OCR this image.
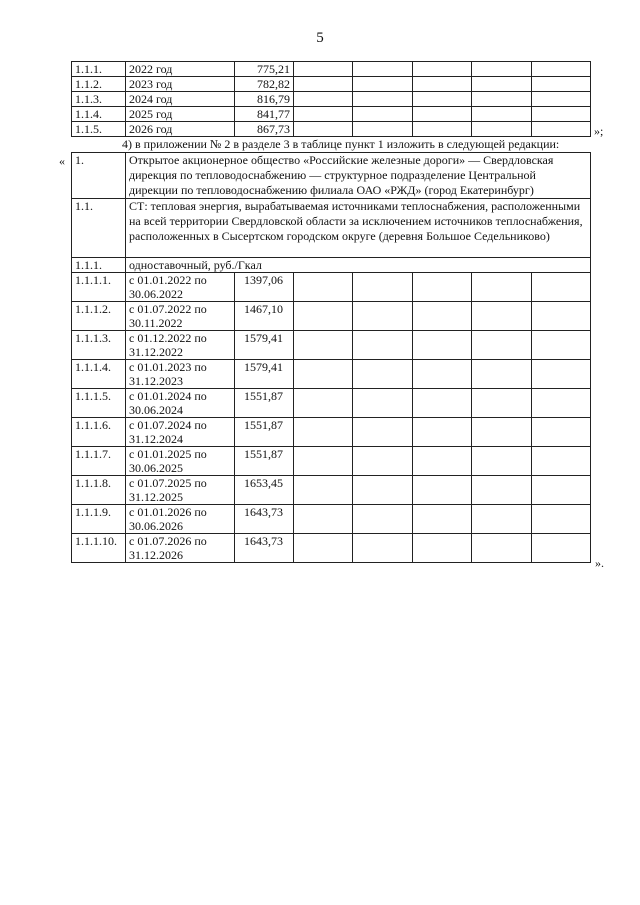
5
1.1.1.	2022 год	775,21					
1.1.2.	2023 год	782,82					
1.1.3.	2024 год	816,79					
1.1.4.	2025 год	841,77					
1.1.5.	2026 год	867,73						»;
4) в приложении № 2 в разделе 3 в таблице пункт 1 изложить в следующей редакции:
« 1.	Открытое акционерное общество «Российские железные дороги» — Свердловская дирекция по тепловодоснабжению — структурное подразделение Центральной дирекции по тепловодоснабжению филиала ОАО «РЖД» (город Екатеринбург)						
1.1.	СТ: тепловая энергия, вырабатываемая источниками теплоснабжения, расположенными на всей территории Свердловской области за исключением источников теплоснабжения, расположенных в Сысертском городском округе (деревня Большое Седельниково)						
1.1.1.	одноставочный, руб./Гкал						
1.1.1.1.	с 01.01.2022 по
30.06.2022	1397,06					
1.1.1.2.	с 01.07.2022 по
30.11.2022	1467,10					
1.1.1.3.	с 01.12.2022 по
31.12.2022	1579,41					
1.1.1.4.	с 01.01.2023 по
31.12.2023	1579,41					
1.1.1.5.	с 01.01.2024 по
30.06.2024	1551,87					
1.1.1.6.	с 01.07.2024 по
31.12.2024	1551,87					
1.1.1.7.	с 01.01.2025 по
30.06.2025	1551,87					
1.1.1.8.	с 01.07.2025 по
31.12.2025	1653,45					
1.1.1.9.	с 01.01.2026 по
30.06.2026	1643,73					
1.1.1.10.	с 01.07.2026 по
31.12.2026	1643,73					
».
